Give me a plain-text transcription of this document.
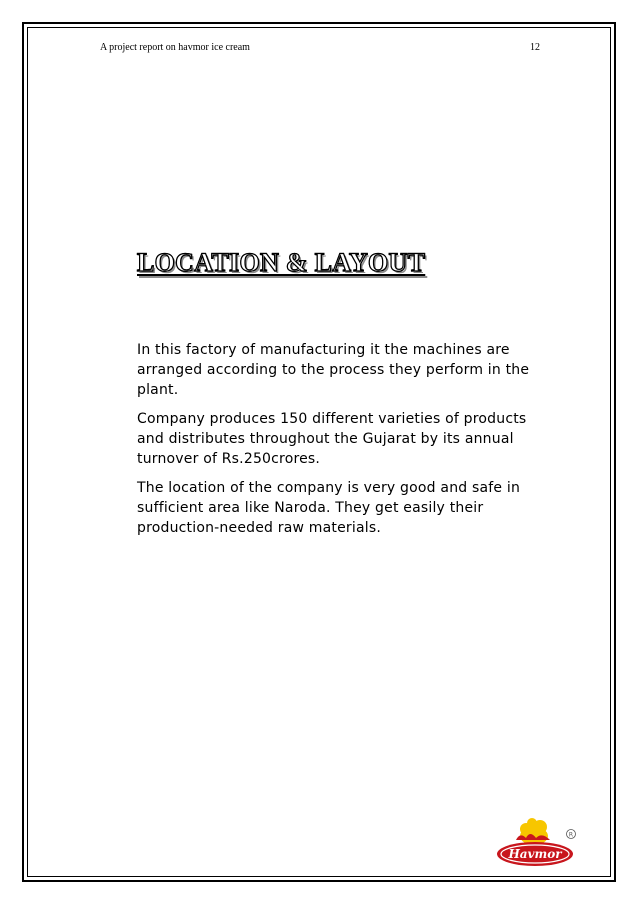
A project report on havmor ice cream	12
LOCATION & LAYOUT

In this factory of manufacturing it the machines are arranged according to the process they perform in the plant.

Company produces 150 different varieties of products and distributes throughout the Gujarat by its annual turnover of Rs.250crores.

The location of the company is very good and safe in sufficient area like Naroda. They get easily their production-needed raw materials.

Havmor
R
